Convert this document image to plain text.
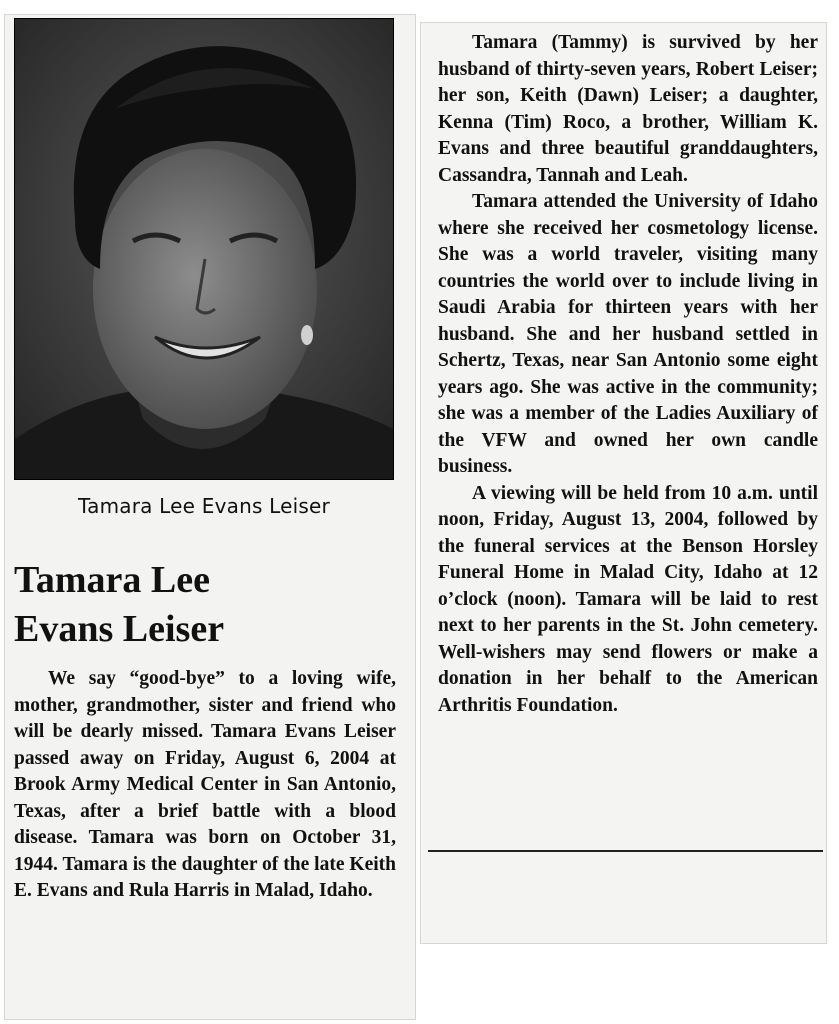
Tamara Lee Evans Leiser
Tamara Lee
Evans Leiser

We say “good-bye” to a loving wife, mother, grandmother, sister and friend who will be dearly missed. Tamara Evans Leiser passed away on Friday, August 6, 2004 at Brook Army Medical Center in San Antonio, Texas, after a brief battle with a blood disease. Tamara was born on October 31, 1944. Tamara is the daughter of the late Keith E. Evans and Rula Harris in Malad, Idaho.

Tamara (Tammy) is survived by her husband of thirty-seven years, Robert Leiser; her son, Keith (Dawn) Leiser; a daughter, Kenna (Tim) Roco, a brother, William K. Evans and three beautiful granddaughters, Cassandra, Tannah and Leah.

Tamara attended the University of Idaho where she received her cosmetology license. She was a world traveler, visiting many countries the world over to include living in Saudi Arabia for thirteen years with her husband. She and her husband settled in Schertz, Texas, near San Antonio some eight years ago. She was active in the community; she was a member of the Ladies Auxiliary of the VFW and owned her own candle business.

A viewing will be held from 10 a.m. until noon, Friday, August 13, 2004, followed by the funeral services at the Benson Horsley Funeral Home in Malad City, Idaho at 12 o’clock (noon). Tamara will be laid to rest next to her parents in the St. John cemetery. Well-wishers may send flowers or make a donation in her behalf to the American Arthritis Foundation.
